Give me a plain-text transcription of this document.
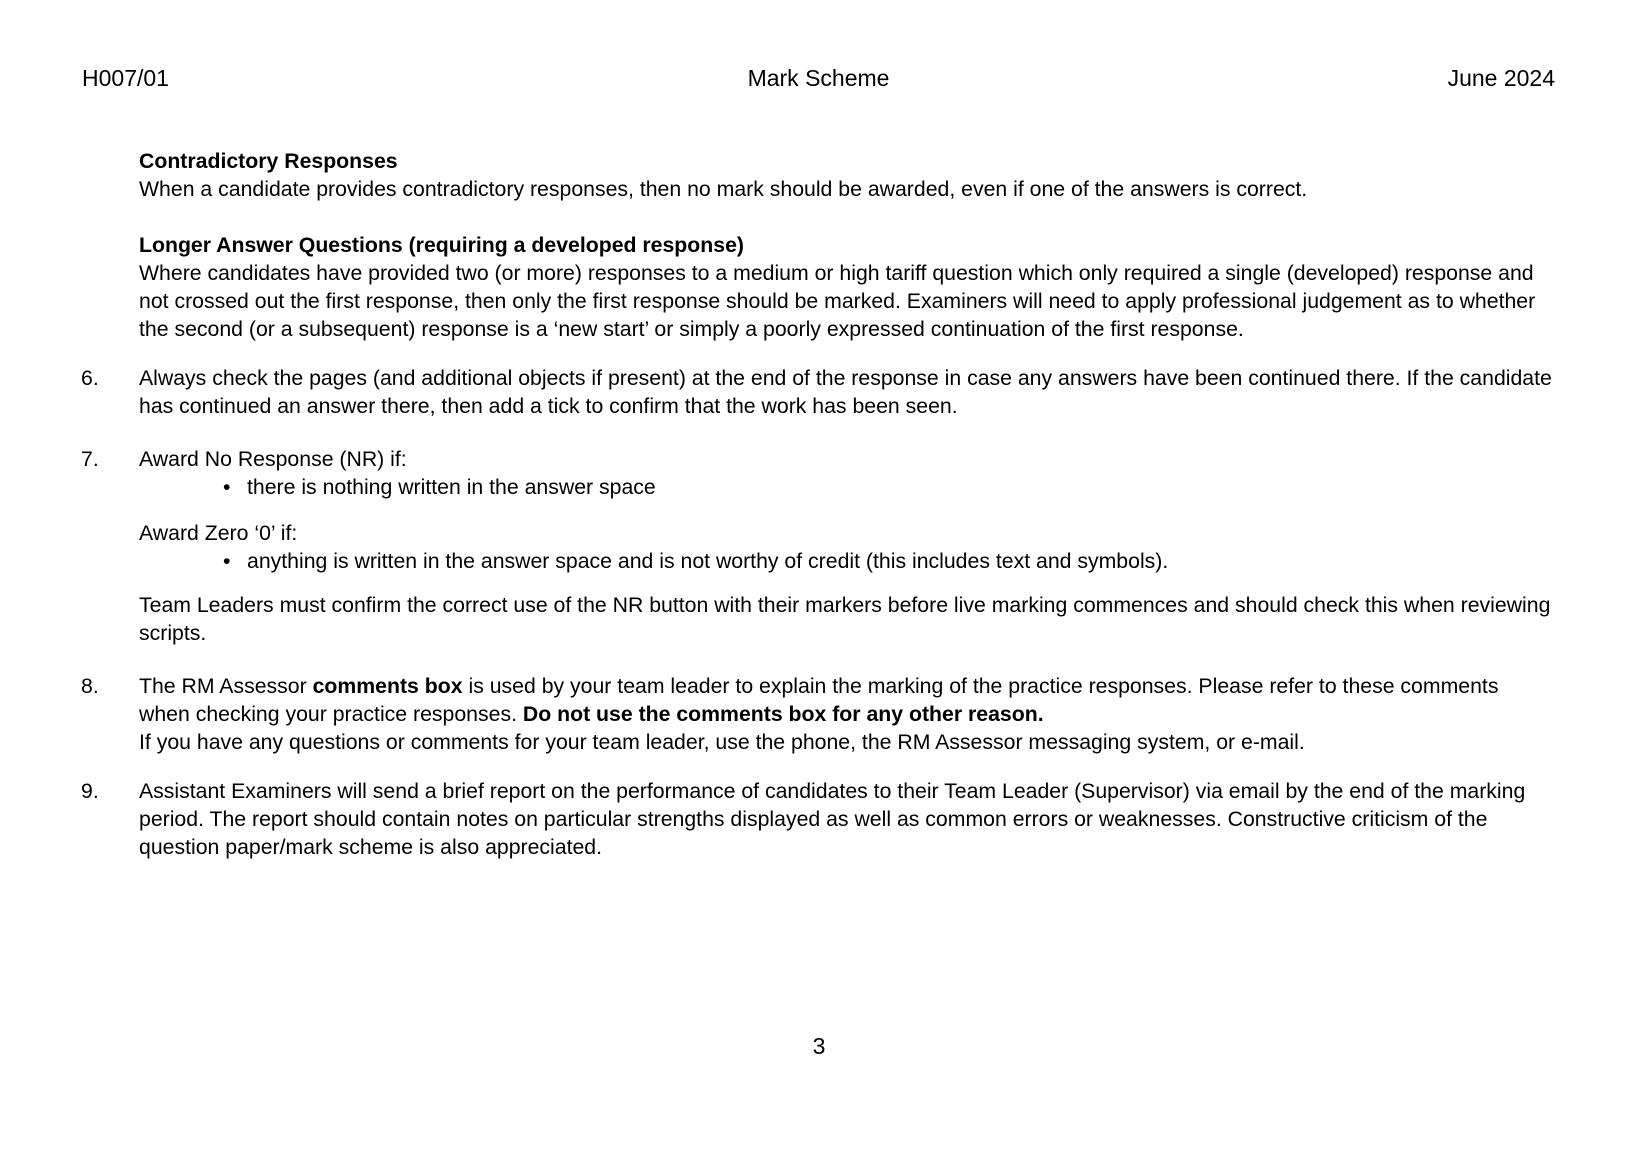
H007/01	Mark Scheme	June 2024
Contradictory Responses

When a candidate provides contradictory responses, then no mark should be awarded, even if one of the answers is correct.

Longer Answer Questions (requiring a developed response)

Where candidates have provided two (or more) responses to a medium or high tariff question which only required a single (developed) response and not crossed out the first response, then only the first response should be marked. Examiners will need to apply professional judgement as to whether the second (or a subsequent) response is a ‘new start’ or simply a poorly expressed continuation of the first response.

6.	Always check the pages (and additional objects if present) at the end of the response in case any answers have been continued there. If the candidate has continued an answer there, then add a tick to confirm that the work has been seen.

7.	Award No Response (NR) if:

• there is nothing written in the answer space

Award Zero ‘0’ if:

• anything is written in the answer space and is not worthy of credit (this includes text and symbols).

Team Leaders must confirm the correct use of the NR button with their markers before live marking commences and should check this when reviewing scripts.

8.	The RM Assessor comments box is used by your team leader to explain the marking of the practice responses. Please refer to these comments when checking your practice responses. Do not use the comments box for any other reason.

If you have any questions or comments for your team leader, use the phone, the RM Assessor messaging system, or e-mail.

9.	Assistant Examiners will send a brief report on the performance of candidates to their Team Leader (Supervisor) via email by the end of the marking period. The report should contain notes on particular strengths displayed as well as common errors or weaknesses. Constructive criticism of the question paper/mark scheme is also appreciated.

3
